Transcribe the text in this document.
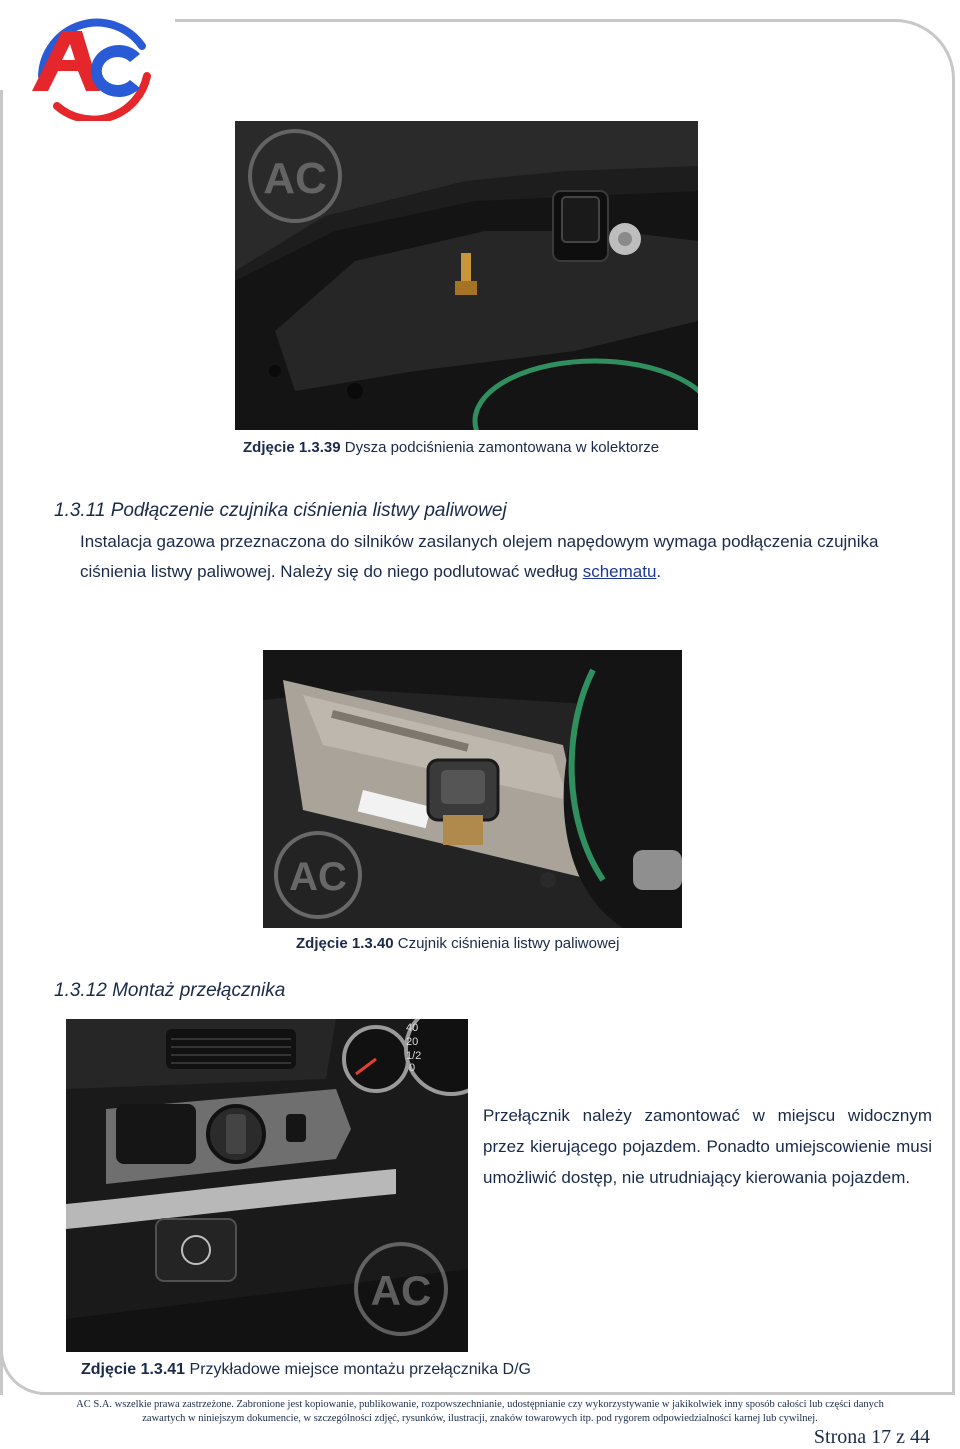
AC
Zdjęcie 1.3.39 Dysza podciśnienia zamontowana w kolektorze
1.3.11 Podłączenie czujnika ciśnienia listwy paliwowej
Instalacja gazowa przeznaczona do silników zasilanych olejem napędowym wymaga podłączenia czujnika
ciśnienia listwy paliwowej. Należy się do niego podlutować według schematu.
AC
Zdjęcie 1.3.40 Czujnik ciśnienia listwy paliwowej
1.3.12 Montaż przełącznika
1/2
40
20
0
AC
Przełącznik należy zamontować w miejscu widocznym przez kierującego pojazdem. Ponadto umiejscowienie musi umożliwić dostęp, nie utrudniający kierowania pojazdem.
Zdjęcie 1.3.41 Przykładowe miejsce montażu przełącznika D/G
AC S.A. wszelkie prawa zastrzeżone. Zabronione jest kopiowanie, publikowanie, rozpowszechnianie, udostępnianie czy wykorzystywanie w jakikolwiek inny sposób całości lub części danych
zawartych w niniejszym dokumencie, w szczególności zdjęć, rysunków, ilustracji, znaków towarowych itp. pod rygorem odpowiedzialności karnej lub cywilnej.
Strona 17 z 44
